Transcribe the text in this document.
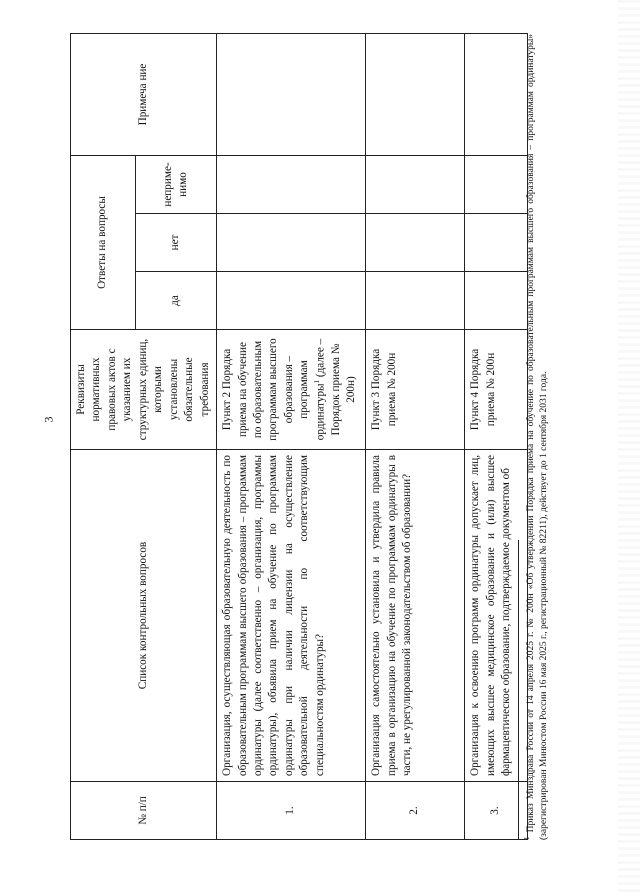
3
№ п/п	Список контрольных вопросов	Реквизиты нормативных правовых актов с указанием их структурных единиц, которыми установлены обязательные требования	Ответы на вопросы			Примеча ние
			да	нет	неприме-нимо	
1.	Организация, осуществляющая образовательную деятельность по образовательным программам высшего образования – программам ординатуры (далее соответственно – организация, программы ординатуры), объявила прием на обучение по программам ординатуры при наличии лицензии на осуществление образовательной деятельности по соответствующим специальностям ординатуры?	Пункт 2 Порядка приема на обучение по образовательным программам высшего образования – программам ординатуры$^1$ (далее – Порядок приема № 200н)				
2.	Организация самостоятельно установила и утвердила правила приема в организацию на обучение по программам ординатуры в части, не урегулированной законодательством об образовании?	Пункт 3 Порядка приема № 200н				
3.	Организация к освоению программ ординатуры допускает лиц, имеющих высшее медицинское образование и (или) высшее фармацевтическое образование, подтверждаемое документом об	Пункт 4 Порядка приема № 200н				
$^1$ Приказ Минздрава России от 14 апреля 2025 г. № 200н «Об утверждении Порядка приема на обучение по образовательным программам высшего образования – программам ординатуры» (зарегистрирован Минюстом России 16 мая 2025 г., регистрационный № 82211), действует до 1 сентября 2031 года.
